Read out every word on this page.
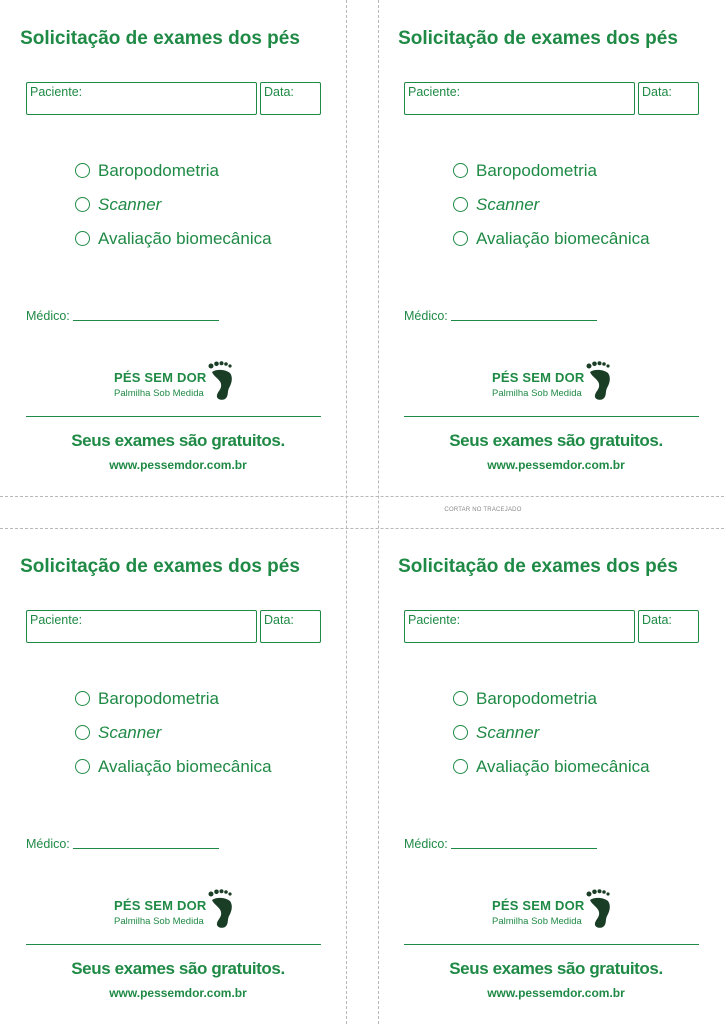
CORTAR NO TRACEJADO
Solicitação de exames dos pés
Paciente:	Data:
Baropodometria
Scanner
Avaliação biomecânica
Médico:
PÉS SEM DOR
Palmilha Sob Medida
Seus exames são gratuitos.
www.pessemdor.com.br
Solicitação de exames dos pés
Paciente:	Data:
Baropodometria
Scanner
Avaliação biomecânica
Médico:
PÉS SEM DOR
Palmilha Sob Medida
Seus exames são gratuitos.
www.pessemdor.com.br
Solicitação de exames dos pés
Paciente:	Data:
Baropodometria
Scanner
Avaliação biomecânica
Médico:
PÉS SEM DOR
Palmilha Sob Medida
Seus exames são gratuitos.
www.pessemdor.com.br
Solicitação de exames dos pés
Paciente:	Data:
Baropodometria
Scanner
Avaliação biomecânica
Médico:
PÉS SEM DOR
Palmilha Sob Medida
Seus exames são gratuitos.
www.pessemdor.com.br
